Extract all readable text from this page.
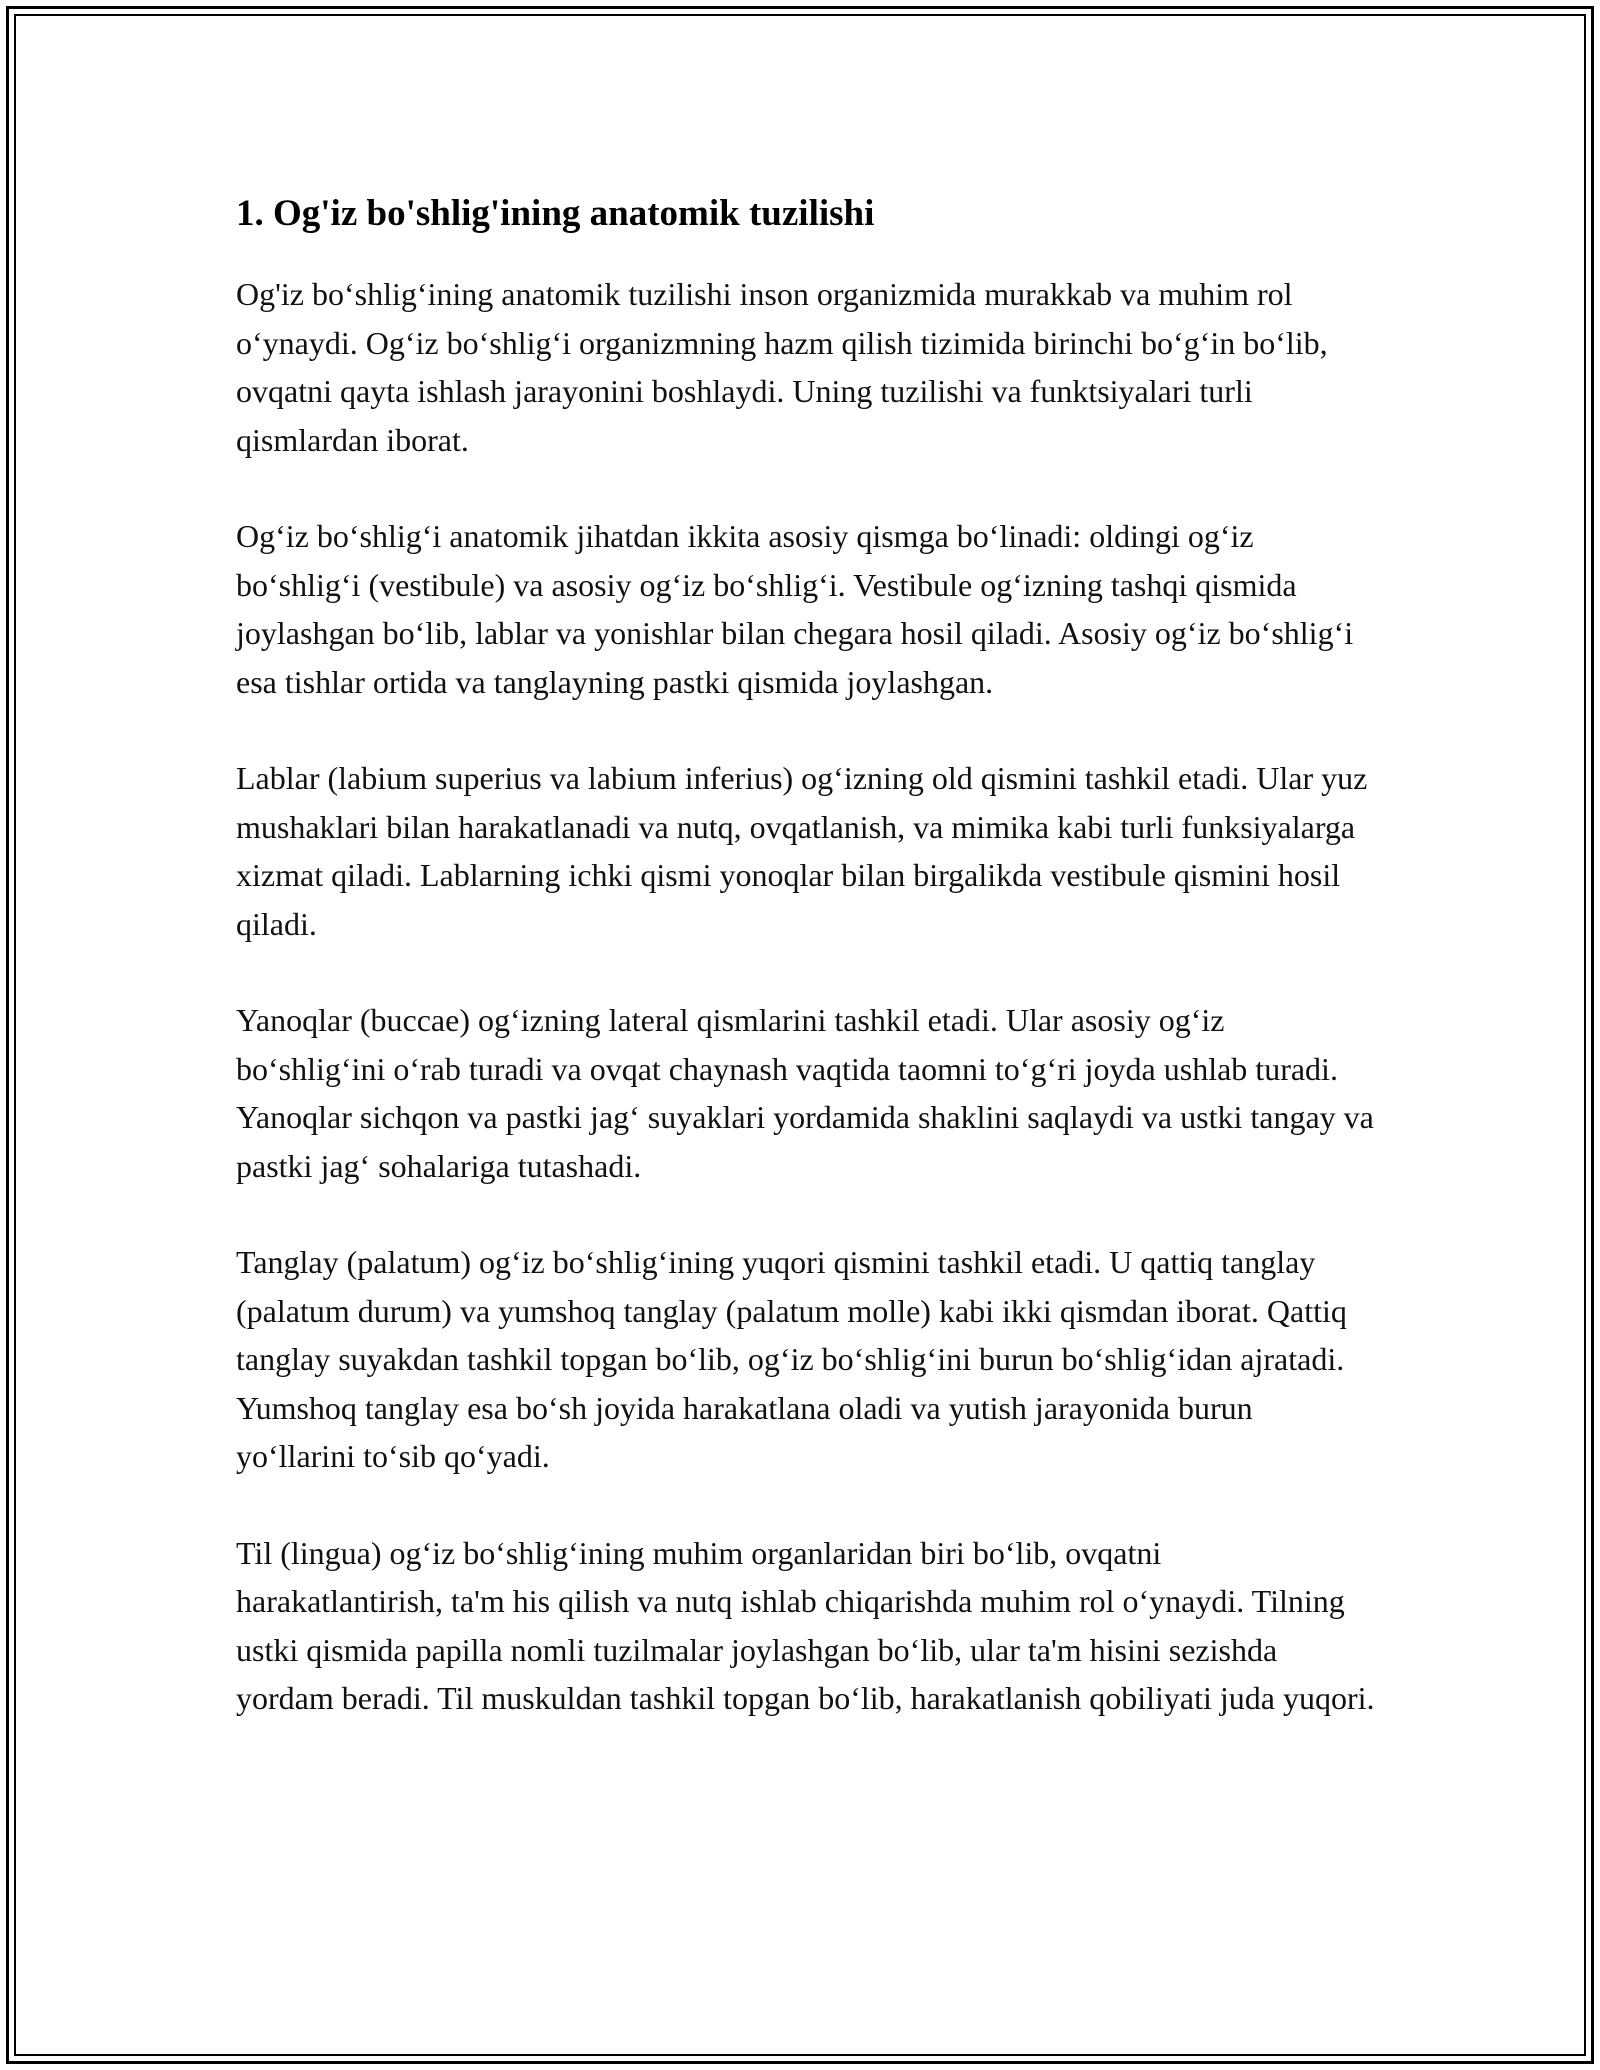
1. Og'iz bo'shlig'ining anatomik tuzilishi

Og'iz bo‘shlig‘ining anatomik tuzilishi inson organizmida murakkab va muhim rol o‘ynaydi. Og‘iz bo‘shlig‘i organizmning hazm qilish tizimida birinchi bo‘g‘in bo‘lib, ovqatni qayta ishlash jarayonini boshlaydi. Uning tuzilishi va funktsiyalari turli qismlardan iborat.

Og‘iz bo‘shlig‘i anatomik jihatdan ikkita asosiy qismga bo‘linadi: oldingi og‘iz bo‘shlig‘i (vestibule) va asosiy og‘iz bo‘shlig‘i. Vestibule og‘izning tashqi qismida joylashgan bo‘lib, lablar va yonishlar bilan chegara hosil qiladi. Asosiy og‘iz bo‘shlig‘i esa tishlar ortida va tanglayning pastki qismida joylashgan.

Lablar (labium superius va labium inferius) og‘izning old qismini tashkil etadi. Ular yuz mushaklari bilan harakatlanadi va nutq, ovqatlanish, va mimika kabi turli funksiyalarga xizmat qiladi. Lablarning ichki qismi yonoqlar bilan birgalikda vestibule qismini hosil qiladi.

Yanoqlar (buccae) og‘izning lateral qismlarini tashkil etadi. Ular asosiy og‘iz bo‘shlig‘ini o‘rab turadi va ovqat chaynash vaqtida taomni to‘g‘ri joyda ushlab turadi. Yanoqlar sichqon va pastki jag‘ suyaklari yordamida shaklini saqlaydi va ustki tangay va pastki jag‘ sohalariga tutashadi.

Tanglay (palatum) og‘iz bo‘shlig‘ining yuqori qismini tashkil etadi. U qattiq tanglay (palatum durum) va yumshoq tanglay (palatum molle) kabi ikki qismdan iborat. Qattiq tanglay suyakdan tashkil topgan bo‘lib, og‘iz bo‘shlig‘ini burun bo‘shlig‘idan ajratadi. Yumshoq tanglay esa bo‘sh joyida harakatlana oladi va yutish jarayonida burun yo‘llarini to‘sib qo‘yadi.

Til (lingua) og‘iz bo‘shlig‘ining muhim organlaridan biri bo‘lib, ovqatni harakatlantirish, ta'm his qilish va nutq ishlab chiqarishda muhim rol o‘ynaydi. Tilning ustki qismida papilla nomli tuzilmalar joylashgan bo‘lib, ular ta'm hisini sezishda yordam beradi. Til muskuldan tashkil topgan bo‘lib, harakatlanish qobiliyati juda yuqori.
